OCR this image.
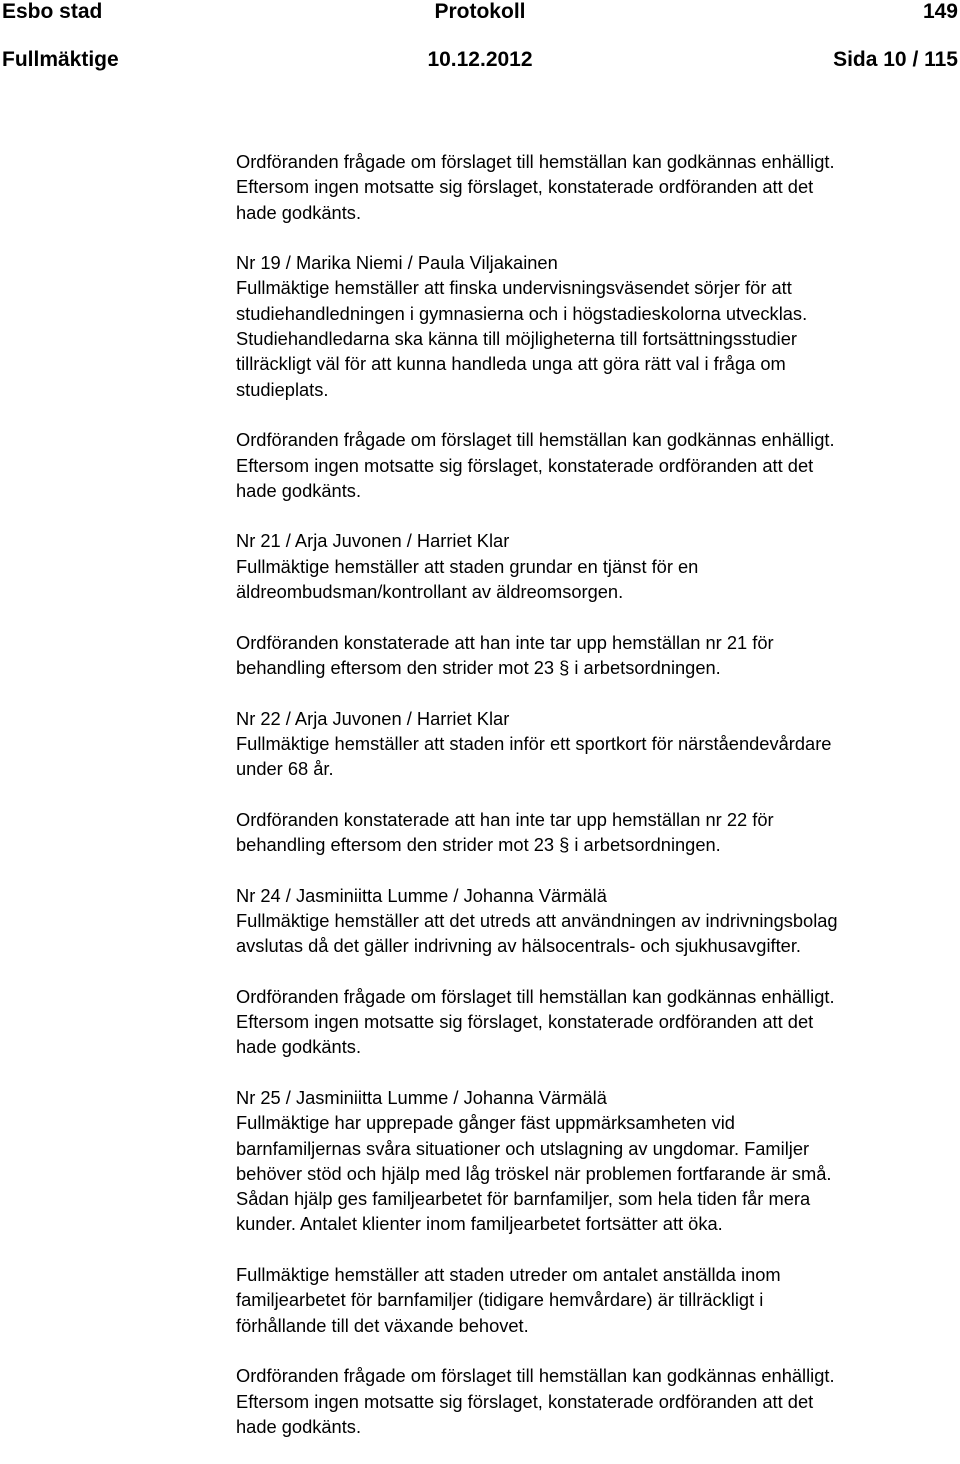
Esbo stad	Protokoll	149
Fullmäktige	10.12.2012	Sida 10 / 115

Ordföranden frågade om förslaget till hemställan kan godkännas enhälligt.
Eftersom ingen motsatte sig förslaget, konstaterade ordföranden att det
hade godkänts.

Nr 19 / Marika Niemi / Paula Viljakainen
Fullmäktige hemställer att finska undervisningsväsendet sörjer för att
studiehandledningen i gymnasierna och i högstadieskolorna utvecklas.
Studiehandledarna ska känna till möjligheterna till fortsättningsstudier
tillräckligt väl för att kunna handleda unga att göra rätt val i fråga om
studieplats.

Ordföranden frågade om förslaget till hemställan kan godkännas enhälligt.
Eftersom ingen motsatte sig förslaget, konstaterade ordföranden att det
hade godkänts.

Nr 21 / Arja Juvonen / Harriet Klar
Fullmäktige hemställer att staden grundar en tjänst för en
äldreombudsman/kontrollant av äldreomsorgen.

Ordföranden konstaterade att han inte tar upp hemställan nr 21 för
behandling eftersom den strider mot 23 § i arbetsordningen.

Nr 22 / Arja Juvonen / Harriet Klar
Fullmäktige hemställer att staden inför ett sportkort för närståendevårdare
under 68 år.

Ordföranden konstaterade att han inte tar upp hemställan nr 22 för
behandling eftersom den strider mot 23 § i arbetsordningen.

Nr 24 / Jasminiitta Lumme / Johanna Värmälä
Fullmäktige hemställer att det utreds att användningen av indrivningsbolag
avslutas då det gäller indrivning av hälsocentrals- och sjukhusavgifter.

Ordföranden frågade om förslaget till hemställan kan godkännas enhälligt.
Eftersom ingen motsatte sig förslaget, konstaterade ordföranden att det
hade godkänts.

Nr 25 / Jasminiitta Lumme / Johanna Värmälä
Fullmäktige har upprepade gånger fäst uppmärksamheten vid
barnfamiljernas svåra situationer och utslagning av ungdomar. Familjer
behöver stöd och hjälp med låg tröskel när problemen fortfarande är små.
Sådan hjälp ges familjearbetet för barnfamiljer, som hela tiden får mera
kunder. Antalet klienter inom familjearbetet fortsätter att öka.

Fullmäktige hemställer att staden utreder om antalet anställda inom
familjearbetet för barnfamiljer (tidigare hemvårdare) är tillräckligt i
förhållande till det växande behovet.

Ordföranden frågade om förslaget till hemställan kan godkännas enhälligt.
Eftersom ingen motsatte sig förslaget, konstaterade ordföranden att det
hade godkänts.
